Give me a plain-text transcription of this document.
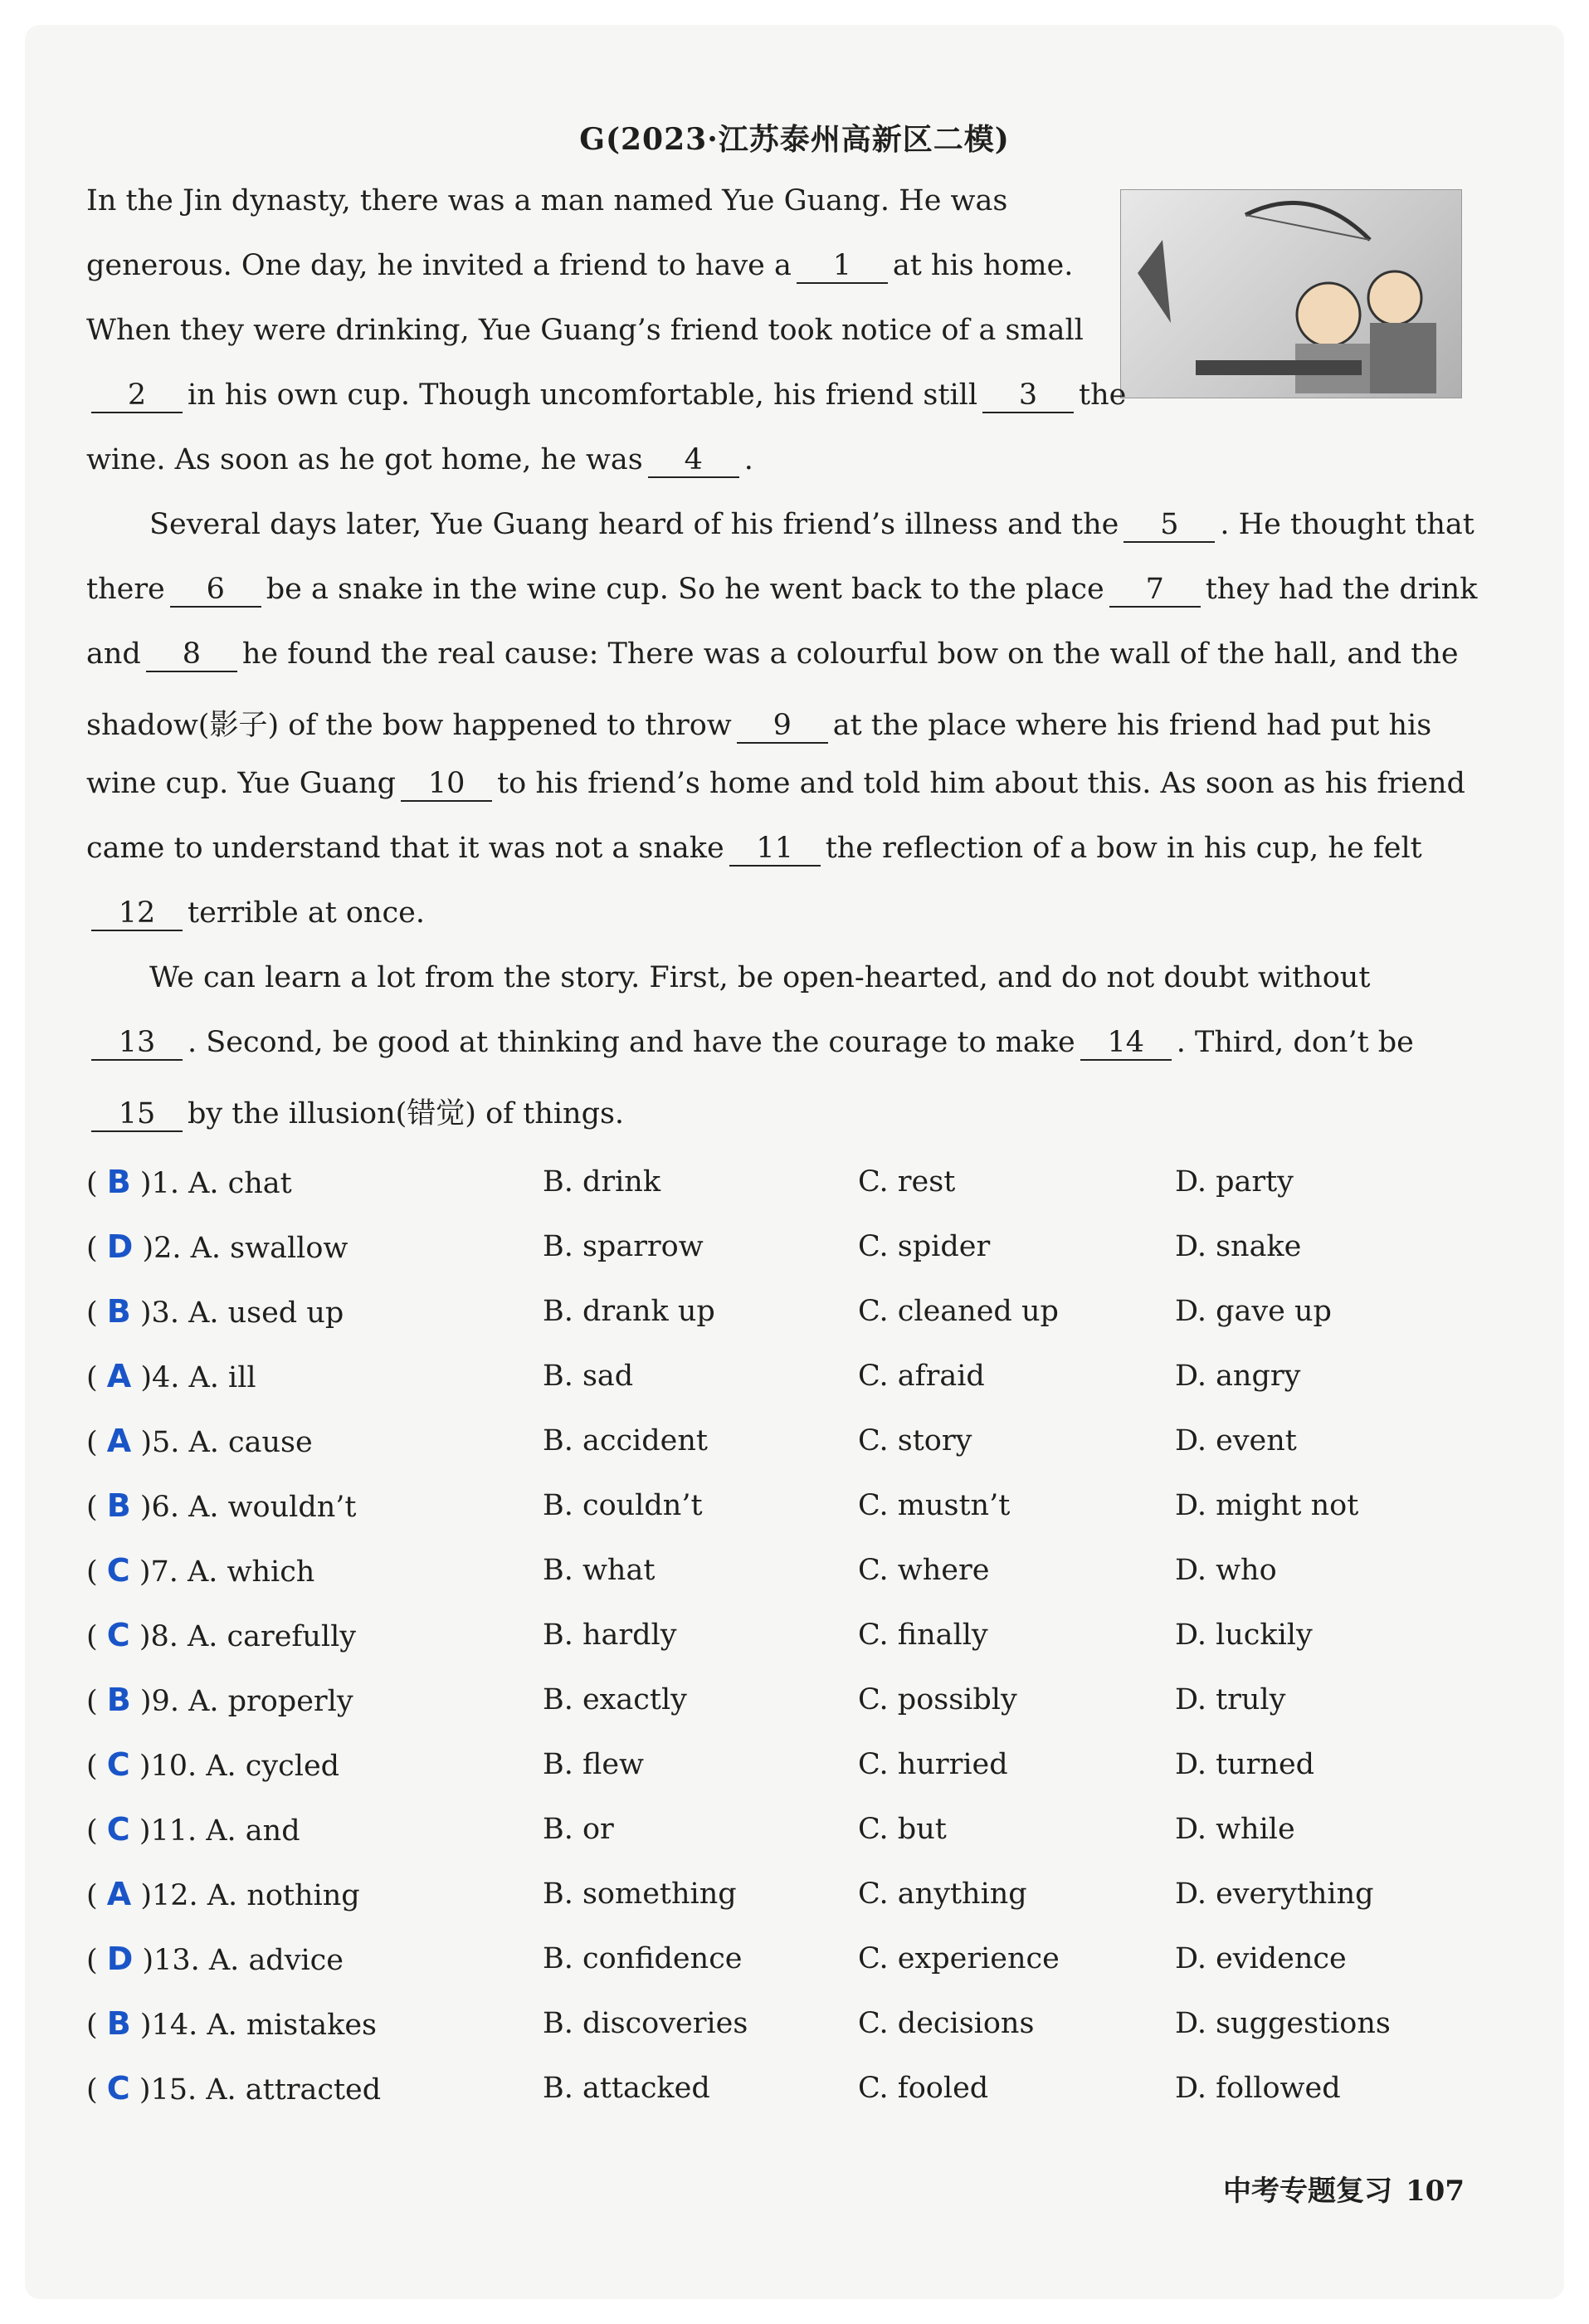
G(2023·江苏泰州高新区二模)
In the Jin dynasty, there was a man named Yue Guang. He was
generous. One day, he invited a friend to have a 1 at his home.
When they were drinking, Yue Guang’s friend took notice of a small
2 in his own cup. Though uncomfortable, his friend still 3 the
wine. As soon as he got home, he was 4 .
Several days later, Yue Guang heard of his friend’s illness and the 5 . He thought that
there 6 be a snake in the wine cup. So he went back to the place 7 they had the drink
and 8 he found the real cause: There was a colourful bow on the wall of the hall, and the
shadow(影子) of the bow happened to throw 9 at the place where his friend had put his
wine cup. Yue Guang 10 to his friend’s home and told him about this. As soon as his friend
came to understand that it was not a snake 11 the reflection of a bow in his cup, he felt
12 terrible at once.
We can learn a lot from the story. First, be open-hearted, and do not doubt without
13 . Second, be good at thinking and have the courage to make 14 . Third, don’t be
15 by the illusion(错觉) of things.
( B )1. A. chat	B. drink	C. rest	D. party
( D )2. A. swallow	B. sparrow	C. spider	D. snake
( B )3. A. used up	B. drank up	C. cleaned up	D. gave up
( A )4. A. ill	B. sad	C. afraid	D. angry
( A )5. A. cause	B. accident	C. story	D. event
( B )6. A. wouldn’t	B. couldn’t	C. mustn’t	D. might not
( C )7. A. which	B. what	C. where	D. who
( C )8. A. carefully	B. hardly	C. finally	D. luckily
( B )9. A. properly	B. exactly	C. possibly	D. truly
( C )10. A. cycled	B. flew	C. hurried	D. turned
( C )11. A. and	B. or	C. but	D. while
( A )12. A. nothing	B. something	C. anything	D. everything
( D )13. A. advice	B. confidence	C. experience	D. evidence
( B )14. A. mistakes	B. discoveries	C. decisions	D. suggestions
( C )15. A. attracted	B. attacked	C. fooled	D. followed
中考专题复习 107
